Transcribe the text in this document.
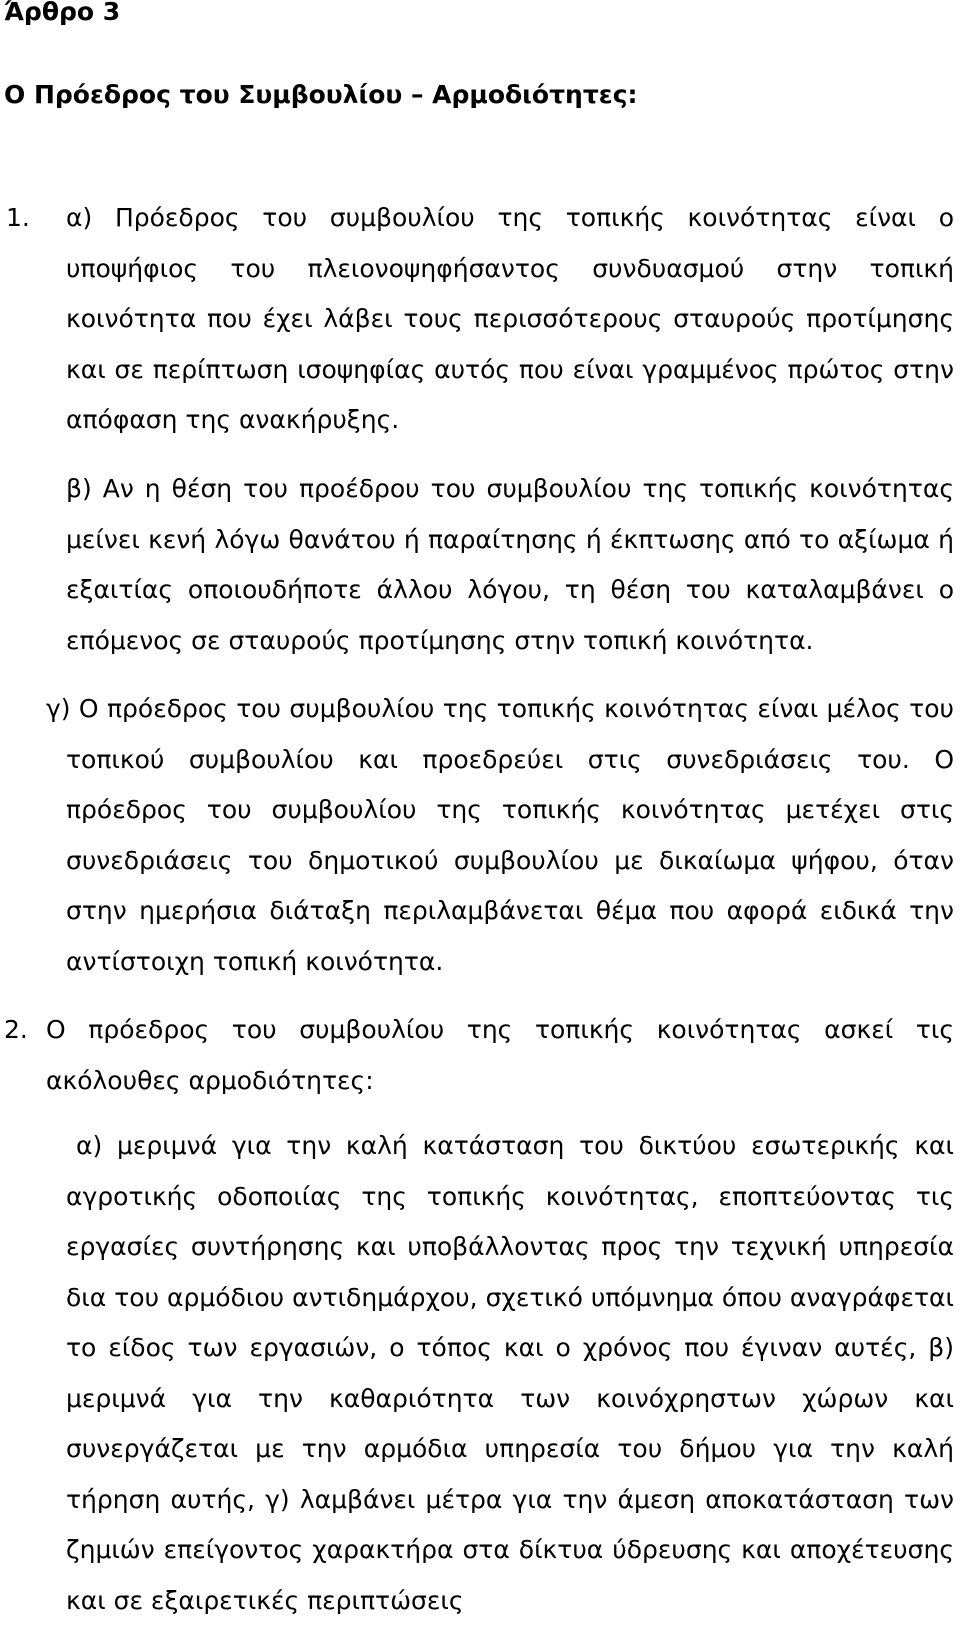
Άρθρο 3
Ο Πρόεδρος του Συμβουλίου – Αρμοδιότητες:
1. α) Πρόεδρος του συμβουλίου της τοπικής κοινότητας είναι ο υποψήφιος του πλειονοψηφήσαντος συνδυασμού στην τοπική κοινότητα που έχει λάβει τους περισσότερους σταυρούς προτίμησης και σε περίπτωση ισοψηφίας αυτός που είναι γραμμένος πρώτος στην απόφαση της ανακήρυξης.

β) Αν η θέση του προέδρου του συμβουλίου της τοπικής κοινότητας μείνει κενή λόγω θανάτου ή παραίτησης ή έκπτωσης από το αξίωμα ή εξαιτίας οποιουδήποτε άλλου λόγου, τη θέση του καταλαμβάνει ο επόμενος σε σταυρούς προτίμησης στην τοπική κοινότητα.

γ) Ο πρόεδρος του συμβουλίου της τοπικής κοινότητας είναι μέλος του τοπικού συμβουλίου και προεδρεύει στις συνεδριάσεις του. Ο πρόεδρος του συμβουλίου της τοπικής κοινότητας μετέχει στις συνεδριάσεις του δημοτικού συμβουλίου με δικαίωμα ψήφου, όταν στην ημερήσια διάταξη περιλαμβάνεται θέμα που αφορά ειδικά την αντίστοιχη τοπική κοινότητα.

2. Ο πρόεδρος του συμβουλίου της τοπικής κοινότητας ασκεί τις ακόλουθες αρμοδιότητες:

α) μεριμνά για την καλή κατάσταση του δικτύου εσωτερικής και αγροτικής οδοποιίας της τοπικής κοινότητας, εποπτεύοντας τις εργασίες συντήρησης και υποβάλλοντας προς την τεχνική υπηρεσία δια του αρμόδιου αντιδημάρχου, σχετικό υπόμνημα όπου αναγράφεται το είδος των εργασιών, ο τόπος και ο χρόνος που έγιναν αυτές, β) μεριμνά για την καθαριότητα των κοινόχρηστων χώρων και συνεργάζεται με την αρμόδια υπηρεσία του δήμου για την καλή τήρηση αυτής, γ) λαμβάνει μέτρα για την άμεση αποκατάσταση των ζημιών επείγοντος χαρακτήρα στα δίκτυα ύδρευσης και αποχέτευσης και σε εξαιρετικές περιπτώσεις
